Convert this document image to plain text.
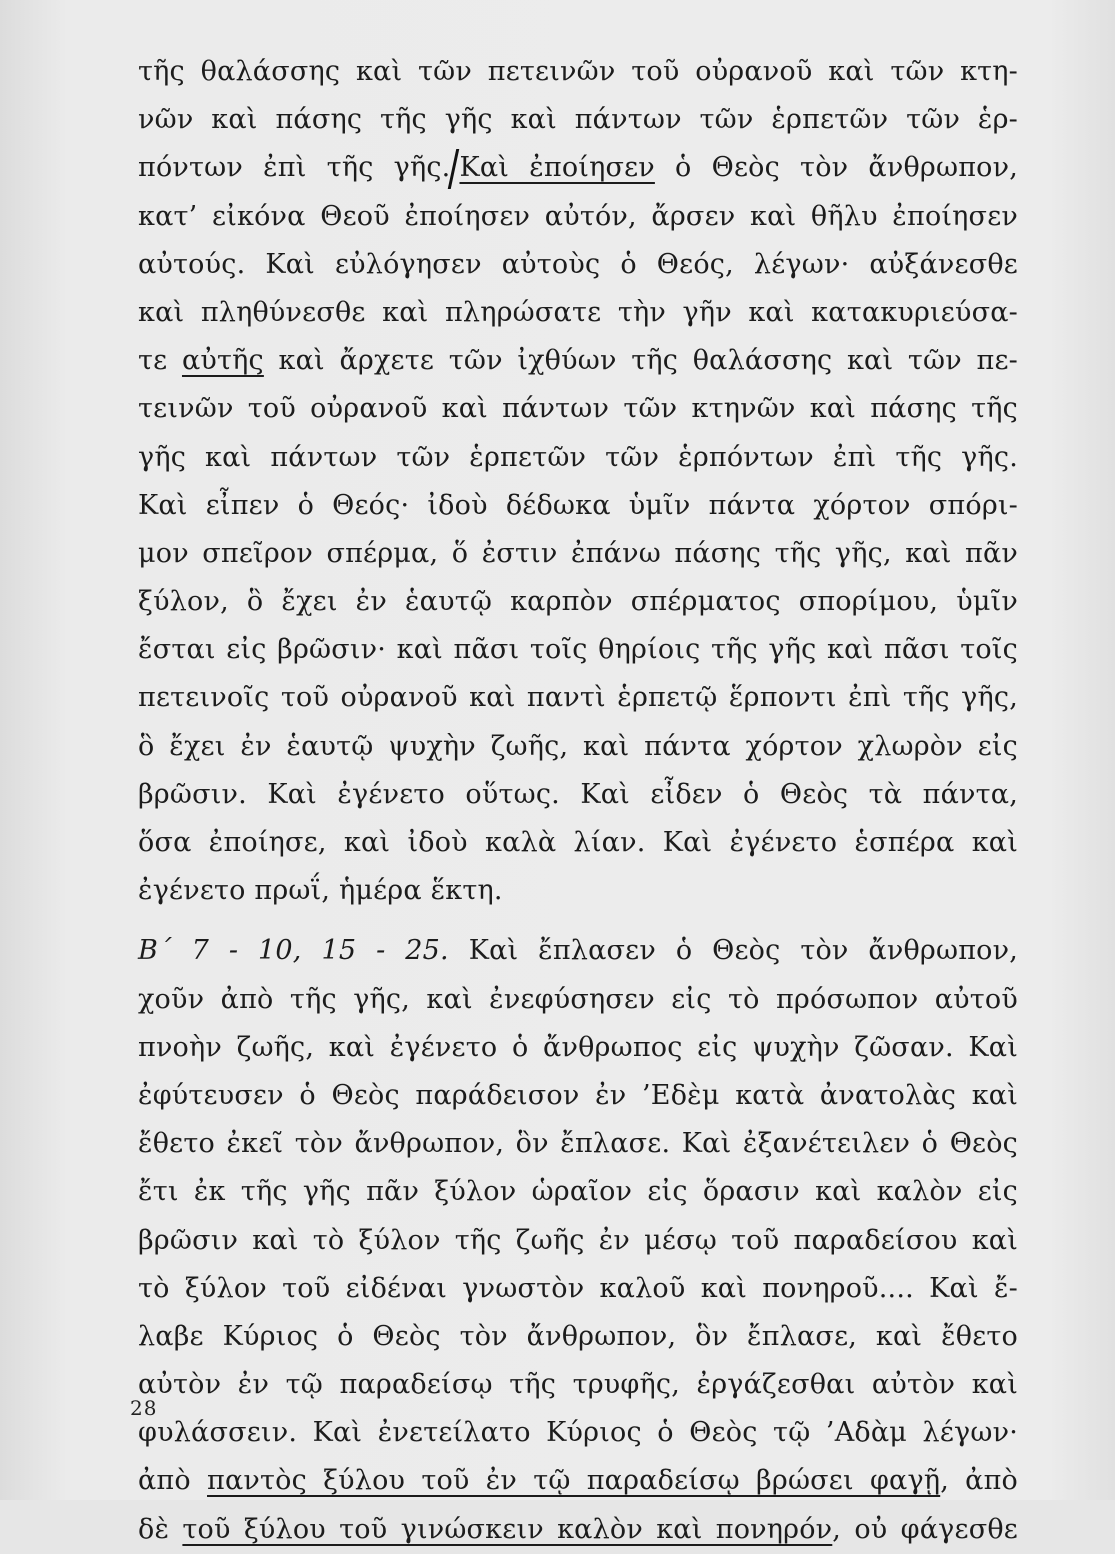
τῆς θαλάσσης καὶ τῶν πετεινῶν τοῦ οὐρανοῦ καὶ τῶν κτη-
νῶν καὶ πάσης τῆς γῆς καὶ πάντων τῶν ἑρπετῶν τῶν ἑρ-
πόντων ἐπὶ τῆς γῆς. Καὶ ἐποίησεν ὁ Θεὸς τὸν ἄνθρωπον,
κατ’ εἰκόνα Θεοῦ ἐποίησεν αὐτόν, ἄρσεν καὶ θῆλυ ἐποίησεν
αὐτούς. Καὶ εὐλόγησεν αὐτοὺς ὁ Θεός, λέγων· αὐξάνεσθε
καὶ πληθύνεσθε καὶ πληρώσατε τὴν γῆν καὶ κατακυριεύσα-
τε αὐτῆς καὶ ἄρχετε τῶν ἰχθύων τῆς θαλάσσης καὶ τῶν πε-
τεινῶν τοῦ οὐρανοῦ καὶ πάντων τῶν κτηνῶν καὶ πάσης τῆς
γῆς καὶ πάντων τῶν ἑρπετῶν τῶν ἑρπόντων ἐπὶ τῆς γῆς.
Καὶ εἶπεν ὁ Θεός· ἰδοὺ δέδωκα ὑμῖν πάντα χόρτον σπόρι-
μον σπεῖρον σπέρμα, ὅ ἐστιν ἐπάνω πάσης τῆς γῆς, καὶ πᾶν
ξύλον, ὃ ἔχει ἐν ἑαυτῷ καρπὸν σπέρματος σπορίμου, ὑμῖν
ἔσται εἰς βρῶσιν· καὶ πᾶσι τοῖς θηρίοις τῆς γῆς καὶ πᾶσι τοῖς
πετεινοῖς τοῦ οὐρανοῦ καὶ παντὶ ἑρπετῷ ἕρποντι ἐπὶ τῆς γῆς,
ὃ ἔχει ἐν ἑαυτῷ ψυχὴν ζωῆς, καὶ πάντα χόρτον χλωρὸν εἰς
βρῶσιν. Καὶ ἐγένετο οὕτως. Καὶ εἶδεν ὁ Θεὸς τὰ πάντα,
ὅσα ἐποίησε, καὶ ἰδοὺ καλὰ λίαν. Καὶ ἐγένετο ἑσπέρα καὶ
ἐγένετο πρωΐ, ἡμέρα ἕκτη.
Β΄ 7 - 10, 15 - 25. Καὶ ἔπλασεν ὁ Θεὸς τὸν ἄνθρωπον,
χοῦν ἀπὸ τῆς γῆς, καὶ ἐνεφύσησεν εἰς τὸ πρόσωπον αὐτοῦ
πνοὴν ζωῆς, καὶ ἐγένετο ὁ ἄνθρωπος εἰς ψυχὴν ζῶσαν. Καὶ
ἐφύτευσεν ὁ Θεὸς παράδεισον ἐν ’Εδὲμ κατὰ ἀνατολὰς καὶ
ἔθετο ἐκεῖ τὸν ἄνθρωπον, ὃν ἔπλασε. Καὶ ἐξανέτειλεν ὁ Θεὸς
ἔτι ἐκ τῆς γῆς πᾶν ξύλον ὡραῖον εἰς ὅρασιν καὶ καλὸν εἰς
βρῶσιν καὶ τὸ ξύλον τῆς ζωῆς ἐν μέσῳ τοῦ παραδείσου καὶ
τὸ ξύλον τοῦ εἰδέναι γνωστὸν καλοῦ καὶ πονηροῦ.... Καὶ ἔ-
λαβε Κύριος ὁ Θεὸς τὸν ἄνθρωπον, ὃν ἔπλασε, καὶ ἔθετο
αὐτὸν ἐν τῷ παραδείσῳ τῆς τρυφῆς, ἐργάζεσθαι αὐτὸν καὶ
φυλάσσειν. Καὶ ἐνετείλατο Κύριος ὁ Θεὸς τῷ ’Αδὰμ λέγων·
ἀπὸ παντὸς ξύλου τοῦ ἐν τῷ παραδείσῳ βρώσει φαγῇ, ἀπὸ
δὲ τοῦ ξύλου τοῦ γινώσκειν καλὸν καὶ πονηρόν, οὐ φάγεσθε
28
